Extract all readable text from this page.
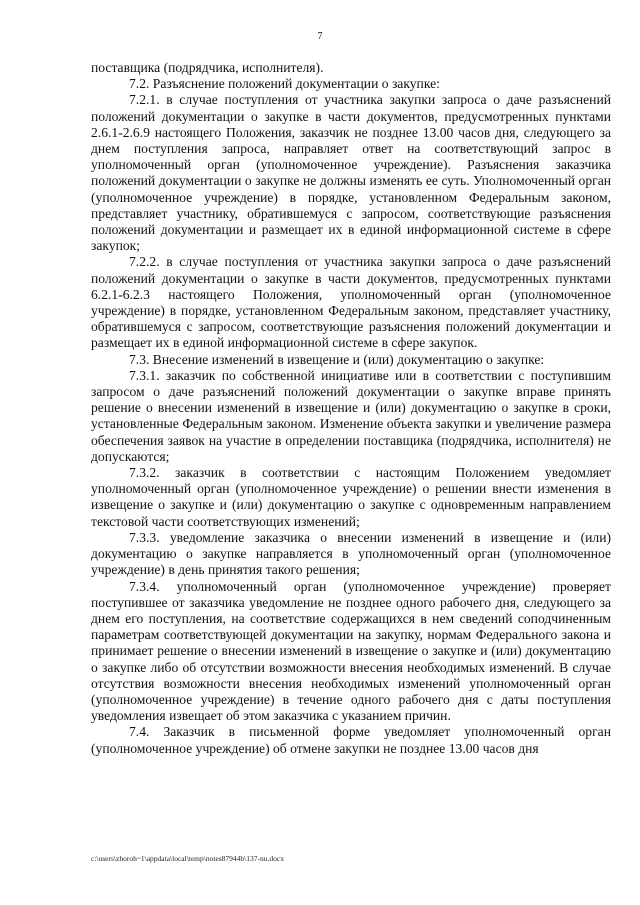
7

поставщика (подрядчика, исполнителя).

7.2. Разъяснение положений документации о закупке:

7.2.1. в случае поступления от участника закупки запроса о даче разъяснений положений документации о закупке в части документов, предусмотренных пунктами 2.6.1-2.6.9 настоящего Положения, заказчик не позднее 13.00 часов дня, следующего за днем поступления запроса, направляет ответ на соответствующий запрос в уполномоченный орган (уполномоченное учреждение). Разъяснения заказчика положений документации о закупке не должны изменять ее суть. Уполномоченный орган (уполномоченное учреждение) в порядке, установленном Федеральным законом, представляет участнику, обратившемуся с запросом, соответствующие разъяснения положений документации и размещает их в единой информационной системе в сфере закупок;

7.2.2. в случае поступления от участника закупки запроса о даче разъяснений положений документации о закупке в части документов, предусмотренных пунктами 6.2.1-6.2.3 настоящего Положения, уполномоченный орган (уполномоченное учреждение) в порядке, установленном Федеральным законом, представляет участнику, обратившемуся с запросом, соответствующие разъяснения положений документации и размещает их в единой информационной системе в сфере закупок.

7.3. Внесение изменений в извещение и (или) документацию о закупке:

7.3.1. заказчик по собственной инициативе или в соответствии с поступившим запросом о даче разъяснений положений документации о закупке вправе принять решение о внесении изменений в извещение и (или) документацию о закупке в сроки, установленные Федеральным законом. Изменение объекта закупки и увеличение размера обеспечения заявок на участие в определении поставщика (подрядчика, исполнителя) не допускаются;

7.3.2. заказчик в соответствии с настоящим Положением уведомляет уполномоченный орган (уполномоченное учреждение) о решении внести изменения в извещение о закупке и (или) документацию о закупке с одновременным направлением текстовой части соответствующих изменений;

7.3.3. уведомление заказчика о внесении изменений в извещение и (или) документацию о закупке направляется в уполномоченный орган (уполномоченное учреждение) в день принятия такого решения;

7.3.4. уполномоченный орган (уполномоченное учреждение) проверяет поступившее от заказчика уведомление не позднее одного рабочего дня, следующего за днем его поступления, на соответствие содержащихся в нем сведений соподчиненным параметрам соответствующей документации на закупку, нормам Федерального закона и принимает решение о внесении изменений в извещение о закупке и (или) документацию о закупке либо об отсутствии возможности внесения необходимых изменений. В случае отсутствия возможности внесения необходимых изменений уполномоченный орган (уполномоченное учреждение) в течение одного рабочего дня с даты поступления уведомления извещает об этом заказчика с указанием причин.

7.4. Заказчик в письменной форме уведомляет уполномоченный орган (уполномоченное учреждение) об отмене закупки не позднее 13.00 часов дня

c:\users\zhoroh~1\appdata\local\temp\notes87944b\137-nu.docx
